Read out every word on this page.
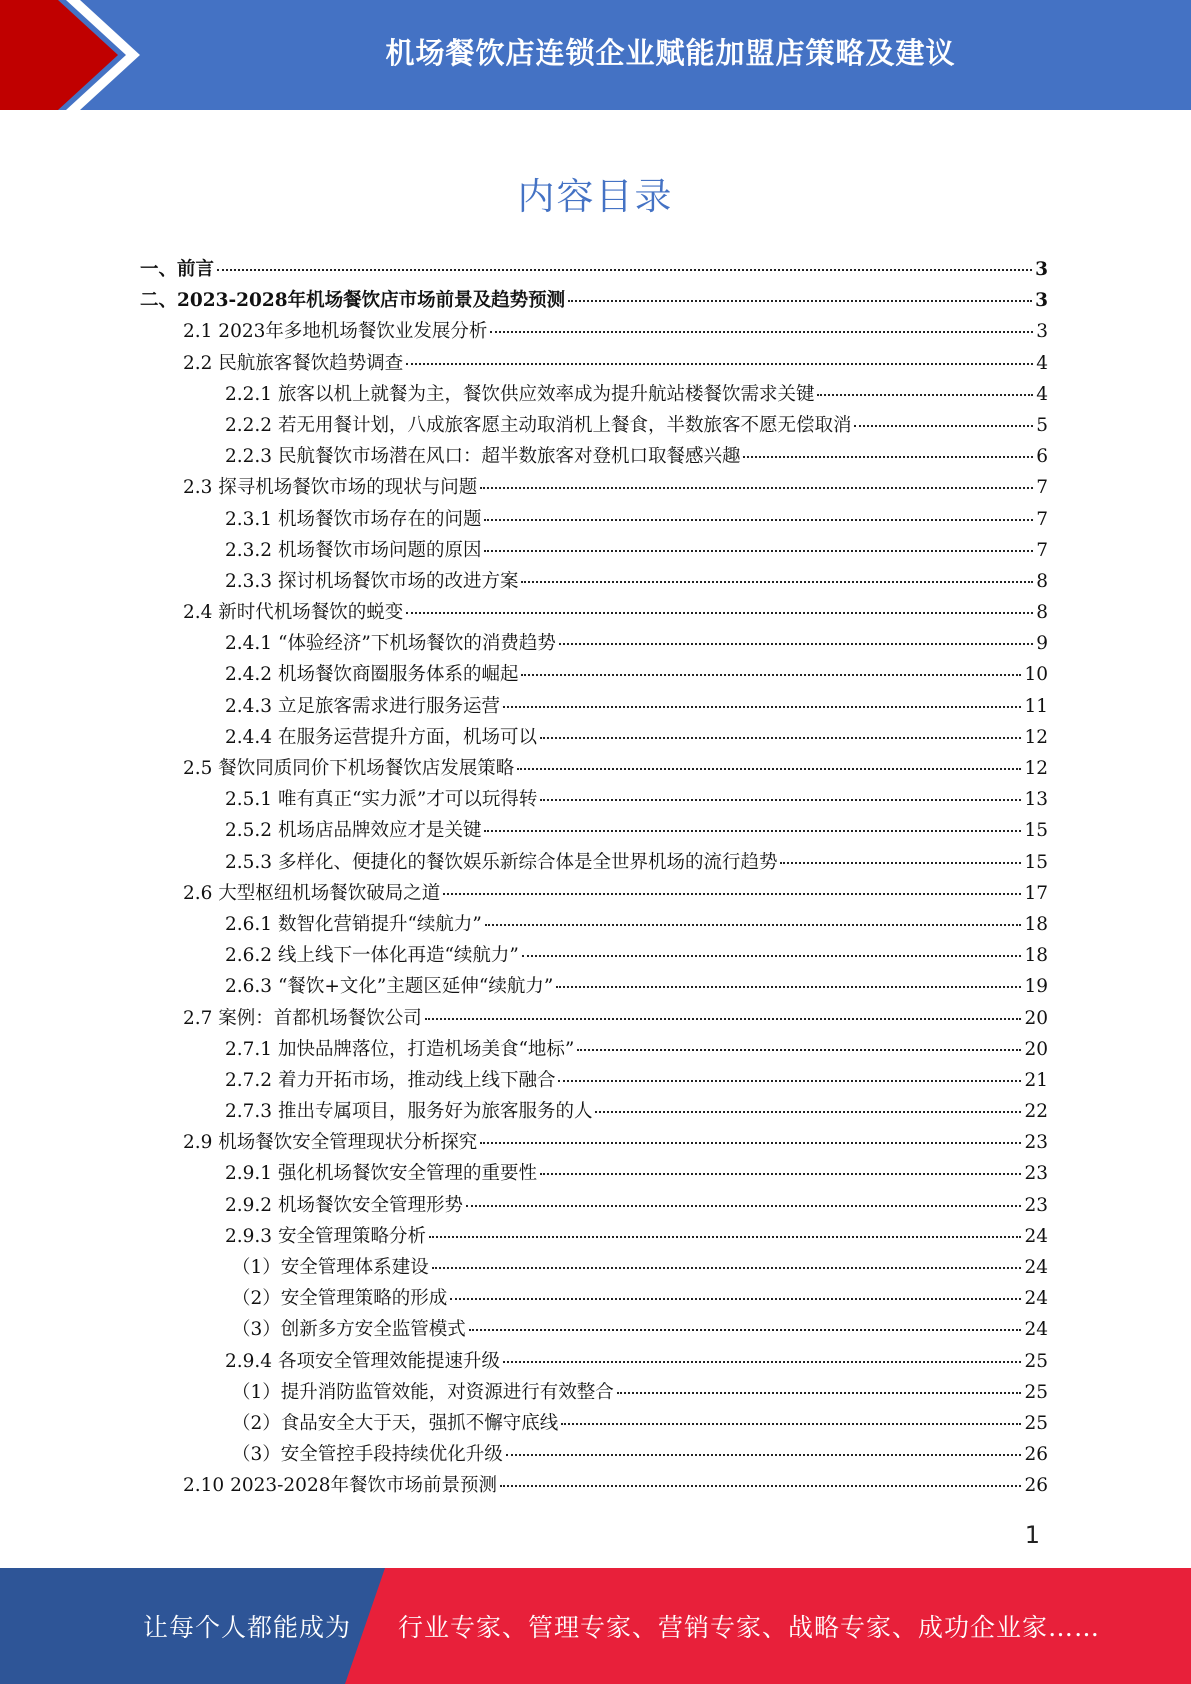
机场餐饮店连锁企业赋能加盟店策略及建议
内容目录
一、前言	3
二、2023-2028年机场餐饮店市场前景及趋势预测	3
2.1 2023年多地机场餐饮业发展分析	3
2.2 民航旅客餐饮趋势调查	4
2.2.1 旅客以机上就餐为主，餐饮供应效率成为提升航站楼餐饮需求关键	4
2.2.2 若无用餐计划，八成旅客愿主动取消机上餐食，半数旅客不愿无偿取消	5
2.2.3 民航餐饮市场潜在风口：超半数旅客对登机口取餐感兴趣	6
2.3 探寻机场餐饮市场的现状与问题	7
2.3.1 机场餐饮市场存在的问题	7
2.3.2 机场餐饮市场问题的原因	7
2.3.3 探讨机场餐饮市场的改进方案	8
2.4 新时代机场餐饮的蜕变	8
2.4.1 “体验经济”下机场餐饮的消费趋势	9
2.4.2 机场餐饮商圈服务体系的崛起	10
2.4.3 立足旅客需求进行服务运营	11
2.4.4 在服务运营提升方面，机场可以	12
2.5 餐饮同质同价下机场餐饮店发展策略	12
2.5.1 唯有真正“实力派”才可以玩得转	13
2.5.2 机场店品牌效应才是关键	15
2.5.3 多样化、便捷化的餐饮娱乐新综合体是全世界机场的流行趋势	15
2.6 大型枢纽机场餐饮破局之道	17
2.6.1 数智化营销提升“续航力”	18
2.6.2 线上线下一体化再造“续航力”	18
2.6.3 “餐饮+文化”主题区延伸“续航力”	19
2.7 案例：首都机场餐饮公司	20
2.7.1 加快品牌落位，打造机场美食“地标”	20
2.7.2 着力开拓市场，推动线上线下融合	21
2.7.3 推出专属项目，服务好为旅客服务的人	22
2.9 机场餐饮安全管理现状分析探究	23
2.9.1 强化机场餐饮安全管理的重要性	23
2.9.2 机场餐饮安全管理形势	23
2.9.3 安全管理策略分析	24
（1）安全管理体系建设	24
（2）安全管理策略的形成	24
（3）创新多方安全监管模式	24
2.9.4 各项安全管理效能提速升级	25
（1）提升消防监管效能，对资源进行有效整合	25
（2）食品安全大于天，强抓不懈守底线	25
（3）安全管控手段持续优化升级	26
2.10 2023-2028年餐饮市场前景预测	26
1
让每个人都能成为 行业专家、管理专家、营销专家、战略专家、成功企业家……
